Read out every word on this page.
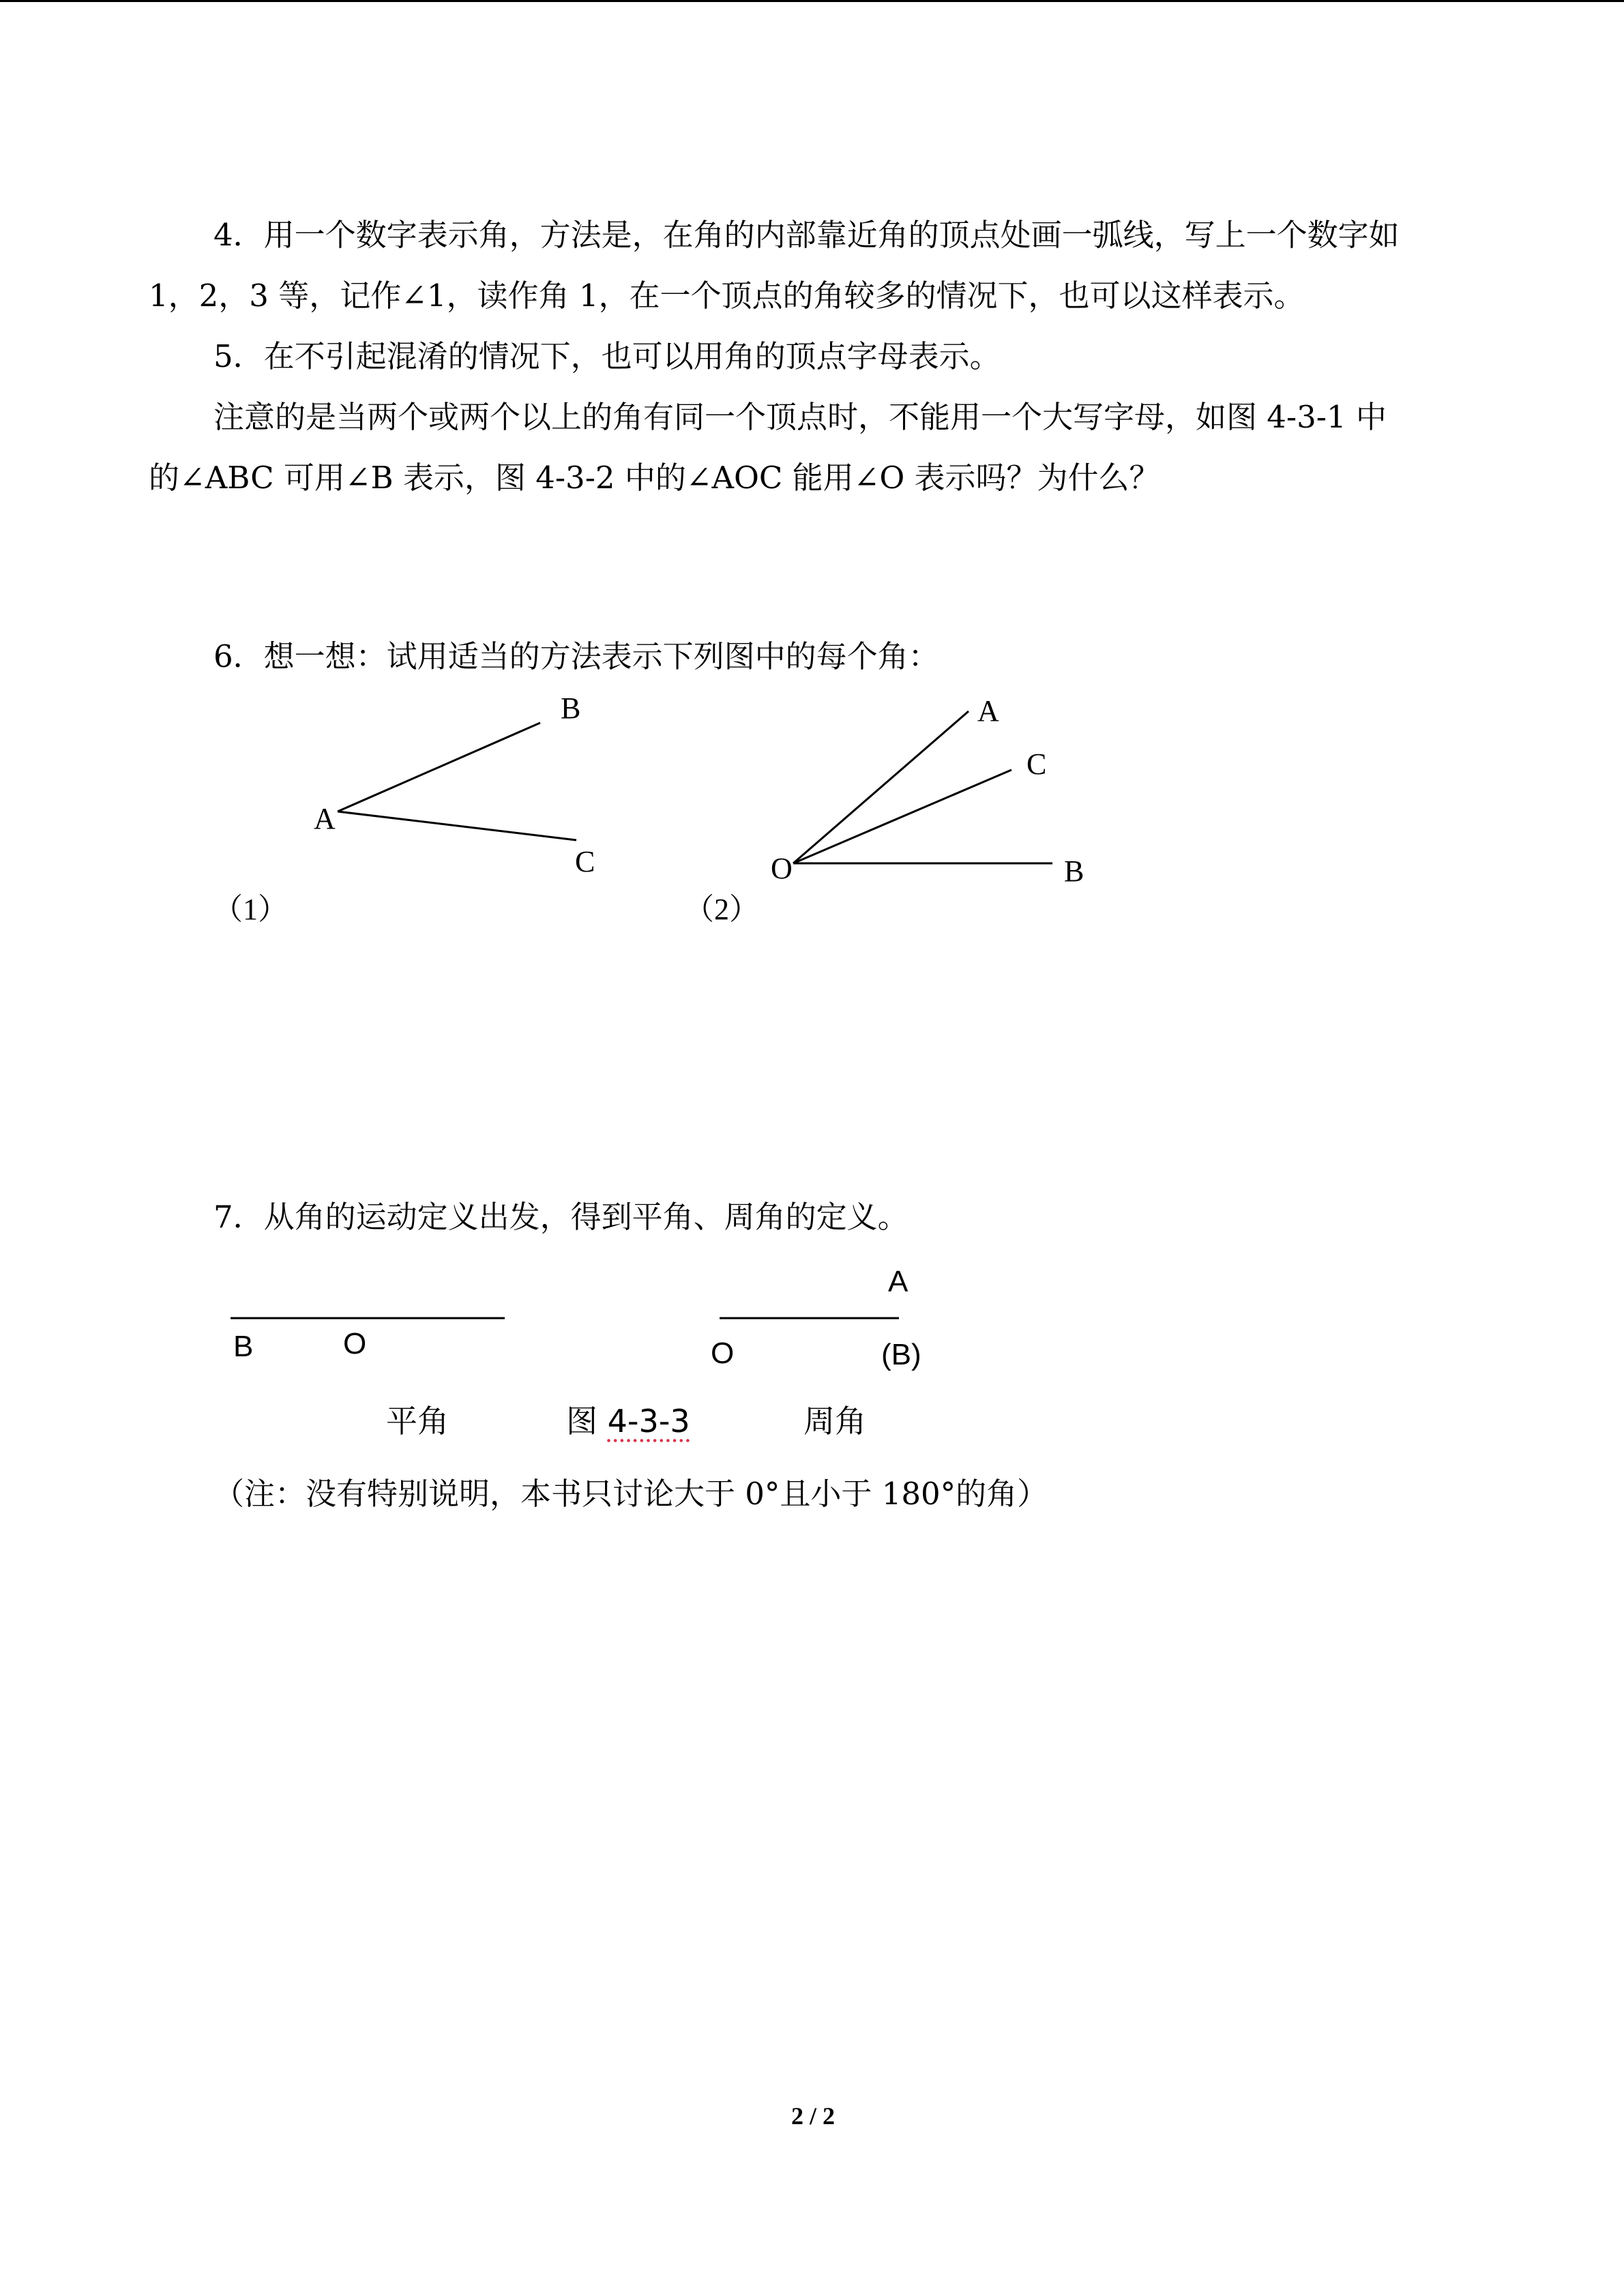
4．用一个数字表示角，方法是，在角的内部靠近角的顶点处画一弧线，写上一个数字如
1，2，3 等，记作∠1，读作角 1，在一个顶点的角较多的情况下，也可以这样表示。
5．在不引起混淆的情况下，也可以用角的顶点字母表示。
注意的是当两个或两个以上的角有同一个顶点时，不能用一个大写字母，如图 4-3-1 中
的∠ABC 可用∠B 表示，图 4-3-2 中的∠AOC 能用∠O 表示吗？为什么？
6．想一想：试用适当的方法表示下列图中的每个角：
B
A
C
（1）
A
C
O	B
（2）
7．从角的运动定义出发，得到平角、周角的定义。
B	O
A
O	(B)
平角	图 4-3-3	周角
（注：没有特别说明，本书只讨论大于 0°且小于 180°的角）
2 / 2
